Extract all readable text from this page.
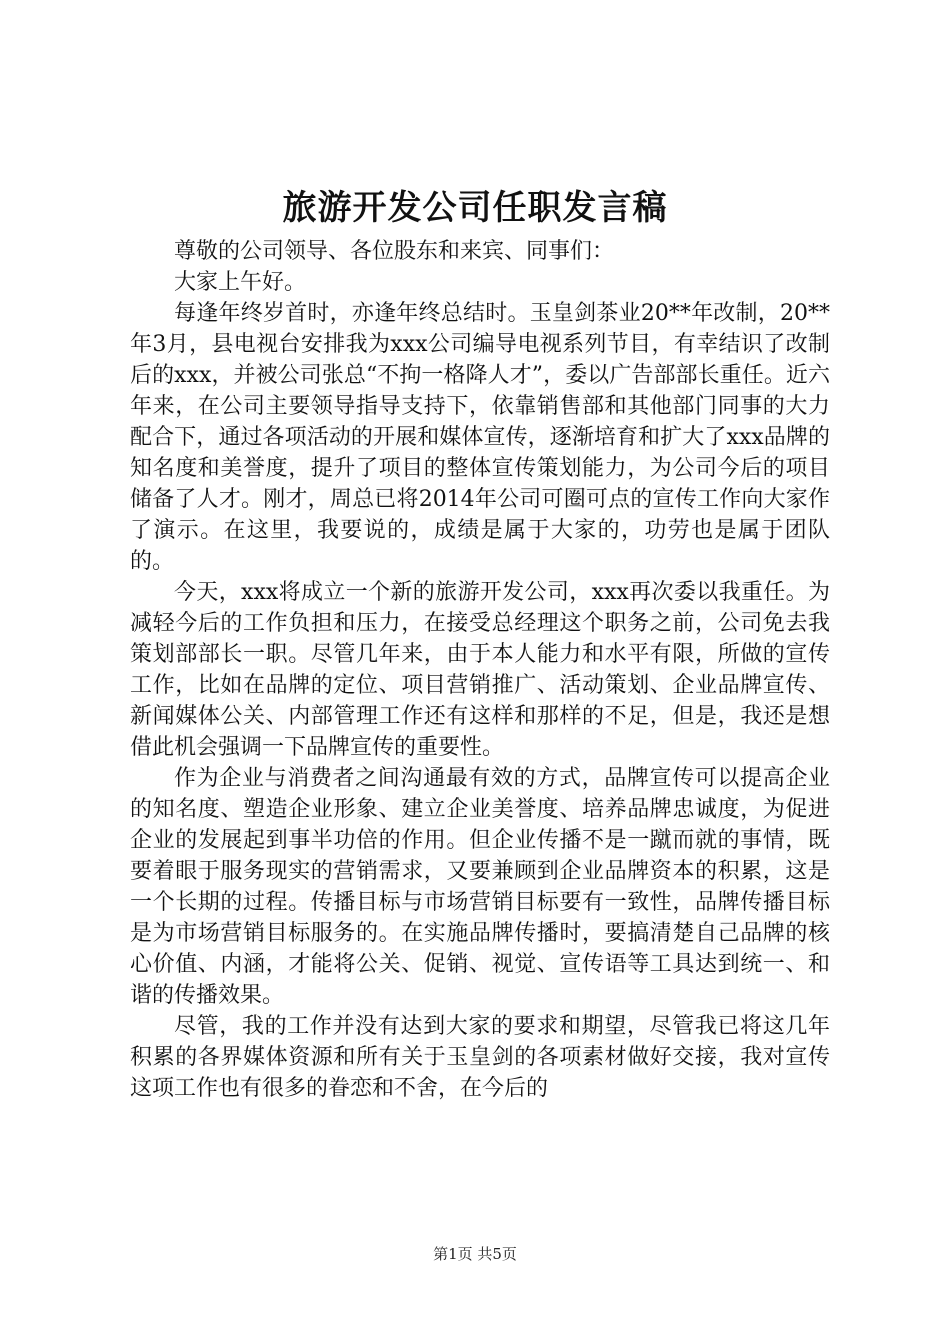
旅游开发公司任职发言稿

尊敬的公司领导、各位股东和来宾、同事们：

大家上午好。

每逢年终岁首时，亦逢年终总结时。玉皇剑茶业20**年改制，20**年3月，县电视台安排我为xxx公司编导电视系列节目，有幸结识了改制后的xxx，并被公司张总“不拘一格降人才”，委以广告部部长重任。近六年来，在公司主要领导指导支持下，依靠销售部和其他部门同事的大力配合下，通过各项活动的开展和媒体宣传，逐渐培育和扩大了xxx品牌的知名度和美誉度，提升了项目的整体宣传策划能力，为公司今后的项目储备了人才。刚才，周总已将2014年公司可圈可点的宣传工作向大家作了演示。在这里，我要说的，成绩是属于大家的，功劳也是属于团队的。

今天，xxx将成立一个新的旅游开发公司，xxx再次委以我重任。为减轻今后的工作负担和压力，在接受总经理这个职务之前，公司免去我策划部部长一职。尽管几年来，由于本人能力和水平有限，所做的宣传工作，比如在品牌的定位、项目营销推广、活动策划、企业品牌宣传、新闻媒体公关、内部管理工作还有这样和那样的不足，但是，我还是想借此机会强调一下品牌宣传的重要性。

作为企业与消费者之间沟通最有效的方式，品牌宣传可以提高企业的知名度、塑造企业形象、建立企业美誉度、培养品牌忠诚度，为促进企业的发展起到事半功倍的作用。但企业传播不是一蹴而就的事情，既要着眼于服务现实的营销需求，又要兼顾到企业品牌资本的积累，这是一个长期的过程。传播目标与市场营销目标要有一致性，品牌传播目标是为市场营销目标服务的。在实施品牌传播时，要搞清楚自己品牌的核心价值、内涵，才能将公关、促销、视觉、宣传语等工具达到统一、和谐的传播效果。

尽管，我的工作并没有达到大家的要求和期望，尽管我已将这几年积累的各界媒体资源和所有关于玉皇剑的各项素材做好交接，我对宣传这项工作也有很多的眷恋和不舍，在今后的

第1页 共5页
